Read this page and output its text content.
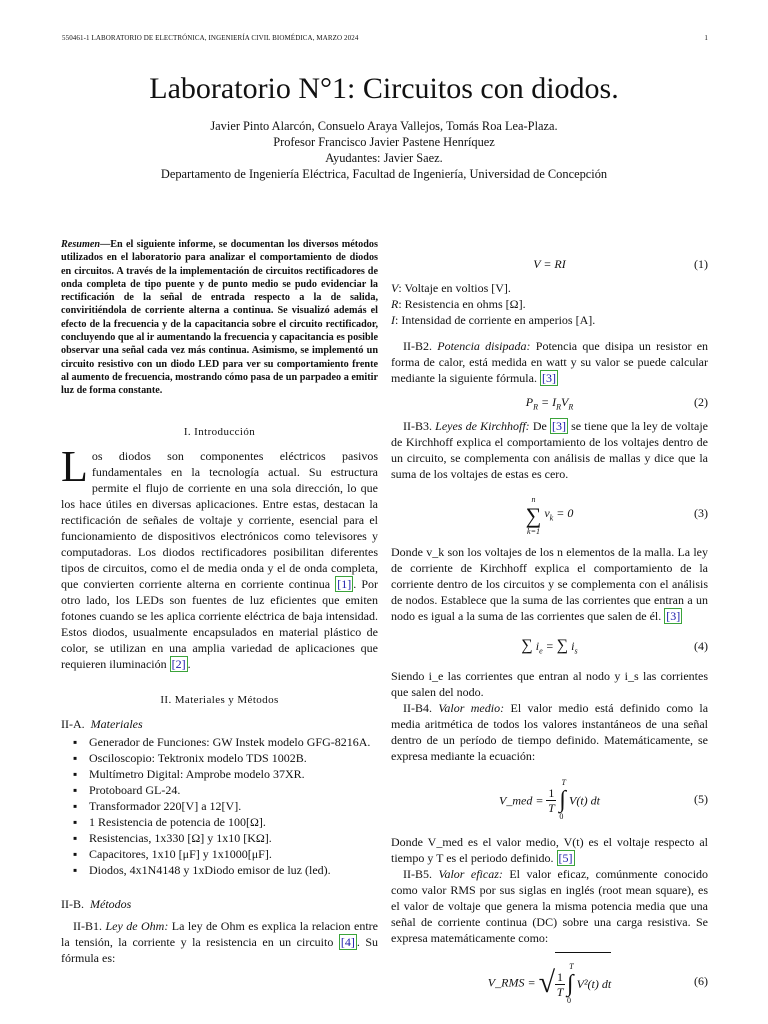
550461-1 LABORATORIO DE ELECTRÓNICA, INGENIERÍA CIVIL BIOMÉDICA, MARZO 2024	1
Laboratorio N°1: Circuitos con diodos.
Javier Pinto Alarcón, Consuelo Araya Vallejos, Tomás Roa Lea-Plaza.
Profesor Francisco Javier Pastene Henríquez
Ayudantes: Javier Saez.
Departamento de Ingeniería Eléctrica, Facultad de Ingeniería, Universidad de Concepción

Resumen—En el siguiente informe, se documentan los diversos métodos utilizados en el laboratorio para analizar el comportamiento de diodos en circuitos. A través de la implementación de circuitos rectificadores de onda completa de tipo puente y de punto medio se pudo evidenciar la rectificación de la señal de entrada respecto a la de salida, conviritiéndola de corriente alterna a continua. Se visualizó además el efecto de la frecuencia y de la capacitancia sobre el circuito rectificador, concluyendo que al ir aumentando la frecuencia y capacitancia es posible observar una señal cada vez más continua. Asimismo, se implementó un circuito resistivo con un diodo LED para ver su comportamiento frente al aumento de frecuencia, mostrando cómo pasa de un parpadeo a emitir luz de forma constante.

I. Introducción

Los diodos son componentes eléctricos pasivos fundamentales en la tecnología actual. Su estructura permite el flujo de corriente en una sola dirección, lo que los hace útiles en diversas aplicaciones. Entre estas, destacan la rectificación de señales de voltaje y corriente, esencial para el funcionamiento de dispositivos electrónicos como televisores y computadoras. Los diodos rectificadores posibilitan diferentes tipos de circuitos, como el de media onda y el de onda completa, que convierten corriente alterna en corriente continua [1] . Por otro lado, los LEDs son fuentes de luz eficientes que emiten fotones cuando se les aplica corriente eléctrica de baja intensidad. Estos diodos, usualmente encapsulados en material plástico de color, se utilizan en una amplia variedad de aplicaciones que requieren iluminación [2] .

II. Materiales y Métodos
II-A. Materiales
▪ Generador de Funciones: GW Instek modelo GFG-8216A.
▪ Osciloscopio: Tektronix modelo TDS 1002B.
▪ Multímetro Digital: Amprobe modelo 37XR.
▪ Protoboard GL-24.
▪ Transformador 220[V] a 12[V].
▪ 1 Resistencia de potencia de 100[Ω].
▪ Resistencias, 1x330 [Ω] y 1x10 [KΩ].
▪ Capacitores, 1x10 [μF] y 1x1000[μF].
▪ Diodos, 4x1N4148 y 1xDiodo emisor de luz (led).
II-B. Métodos

II-B1. Ley de Ohm: La ley de Ohm es explica la relacion entre la tensión, la corriente y la resistencia en un circuito [4] . Su fórmula es:

V = RI	(1)
V: Voltaje en voltios [V].
R: Resistencia en ohms [Ω].
I: Intensidad de corriente en amperios [A].

II-B2. Potencia disipada: Potencia que disipa un resistor en forma de calor, está medida en watt y su valor se puede calcular mediante la siguiente fórmula. [3]

$P_R = I_RV_R$	(2)

II-B3. Leyes de Kirchhoff: De [3] se tiene que la ley de voltaje de Kirchhoff explica el comportamiento de los voltajes dentro de un circuito, se complementa con análisis de mallas y dice que la suma de los voltajes de estas es cero.

n
∑
k=1
$v_k = 0$	(3)

Donde v_k son los voltajes de los n elementos de la malla. La ley de corriente de Kirchhoff explica el comportamiento de la corriente dentro de los circuitos y se complementa con el análisis de nodos. Establece que la suma de las corrientes que entran a un nodo es igual a la suma de las corrientes que salen de él. [3]

∑ $i_e$ = ∑ $i_s$	(4)

Siendo i_e las corrientes que entran al nodo y i_s las corrientes que salen del nodo.

II-B4. Valor medio: El valor medio está definido como la media aritmética de todos los valores instantáneos de una señal dentro de un período de tiempo definido. Matemáticamente, se expresa mediante la ecuación:

V_med = $\frac{1}{T}$

T
∫
0
V(t) dt	(5)

Donde V_med es el valor medio, V(t) es el voltaje respecto al tiempo y T es el periodo definido. [5]

II-B5. Valor eficaz: El valor eficaz, comúnmente conocido como valor RMS por sus siglas en inglés (root mean square), es el valor de voltaje que genera la misma potencia media que una señal de corriente continua (DC) sobre una carga resistiva. Se expresa matemáticamente como:

V_RMS = √ $\frac{1}{T}$
T
∫
0
V²(t) dt	(6)
